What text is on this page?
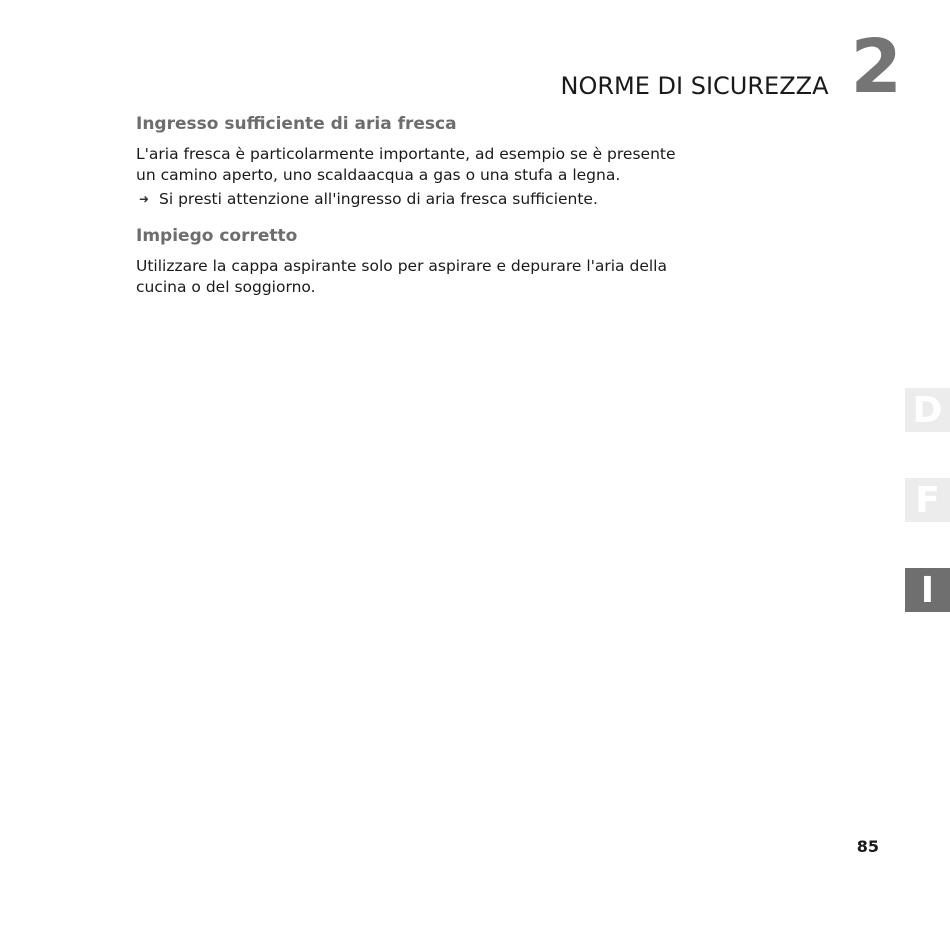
NORME DI SICUREZZA 2
Ingresso sufficiente di aria fresca

L'aria fresca è particolarmente importante, ad esempio se è presente

un camino aperto, uno scaldaacqua a gas o una stufa a legna.

➜ Si presti attenzione all'ingresso di aria fresca sufficiente.
Impiego corretto

Utilizzare la cappa aspirante solo per aspirare e depurare l'aria della

cucina o del soggiorno.

D
F
I
85
